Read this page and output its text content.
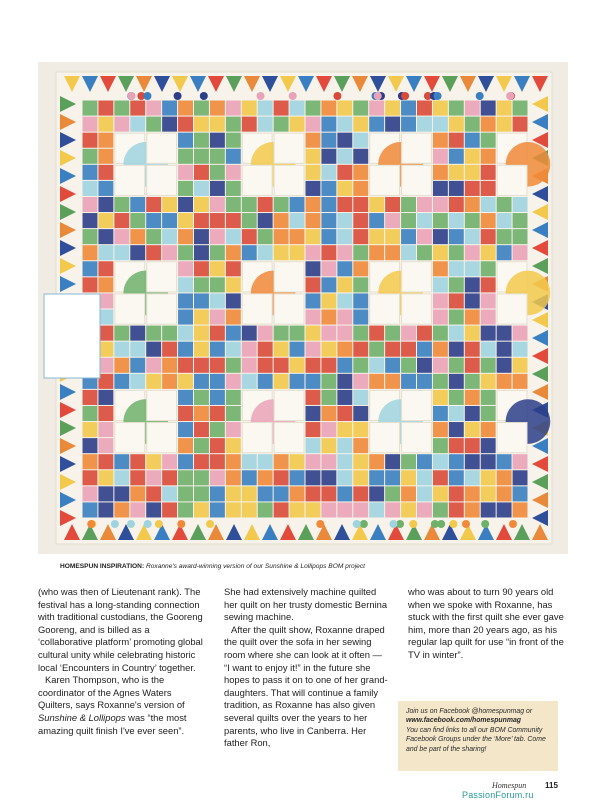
HOMESPUN INSPIRATION: Roxanne's award-winning version of our Sunshine & Lollipops BOM project

(who was then of Lieutenant rank). The festival has a long-standing connection with traditional custodians, the Gooreng Gooreng, and is billed as a ‘collaborative platform’ promoting global cultural unity while celebrating historic local ‘Encounters in Country’ together.

Karen Thompson, who is the coordinator of the Agnes Waters Quilters, says Roxanne's version of Sunshine & Lollipops was “the most amazing quilt finish I've ever seen”.

She had extensively machine quilted her quilt on her trusty domestic Bernina sewing machine.

After the quilt show, Roxanne draped the quilt over the sofa in her sewing room where she can look at it often — “I want to enjoy it!” in the future she hopes to pass it on to one of her grand-daughters. That will continue a family tradition, as Roxanne has also given several quilts over the years to her parents, who live in Canberra. Her father Ron,

who was about to turn 90 years old when we spoke with Roxanne, has stuck with the first quilt she ever gave him, more than 20 years ago, as his regular lap quilt for use “in front of the TV in winter”.

Join us on Facebook @homespunmag or
www.facebook.com/homespunmag
You can find links to all our BOM Community Facebook Groups under the ‘More’ tab. Come and be part of the sharing!
Homespun 115
PassionForum.ru
